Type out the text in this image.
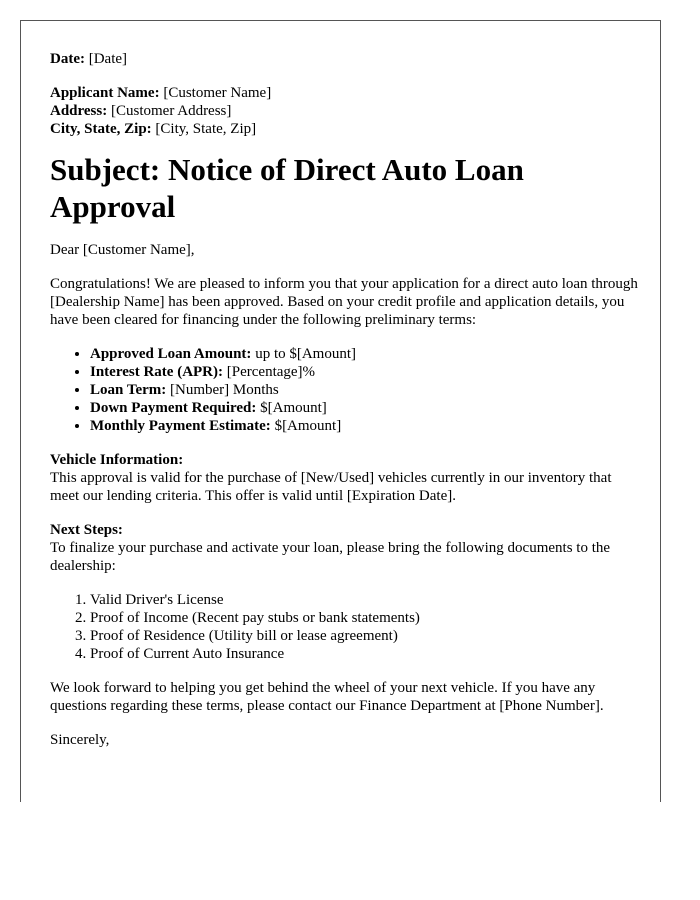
Date: [Date]

Applicant Name: [Customer Name]
Address: [Customer Address]
City, State, Zip: [City, State, Zip]

Subject: Notice of Direct Auto Loan Approval

Dear [Customer Name],

Congratulations! We are pleased to inform you that your application for a direct auto loan through [Dealership Name] has been approved. Based on your credit profile and application details, you have been cleared for financing under the following preliminary terms:

• Approved Loan Amount: up to $[Amount]
• Interest Rate (APR): [Percentage]%
• Loan Term: [Number] Months
• Down Payment Required: $[Amount]
• Monthly Payment Estimate: $[Amount]

Vehicle Information:
This approval is valid for the purchase of [New/Used] vehicles currently in our inventory that meet our lending criteria. This offer is valid until [Expiration Date].

Next Steps:
To finalize your purchase and activate your loan, please bring the following documents to the dealership:

1. Valid Driver's License
2. Proof of Income (Recent pay stubs or bank statements)
3. Proof of Residence (Utility bill or lease agreement)
4. Proof of Current Auto Insurance

We look forward to helping you get behind the wheel of your next vehicle. If you have any questions regarding these terms, please contact our Finance Department at [Phone Number].

Sincerely,
